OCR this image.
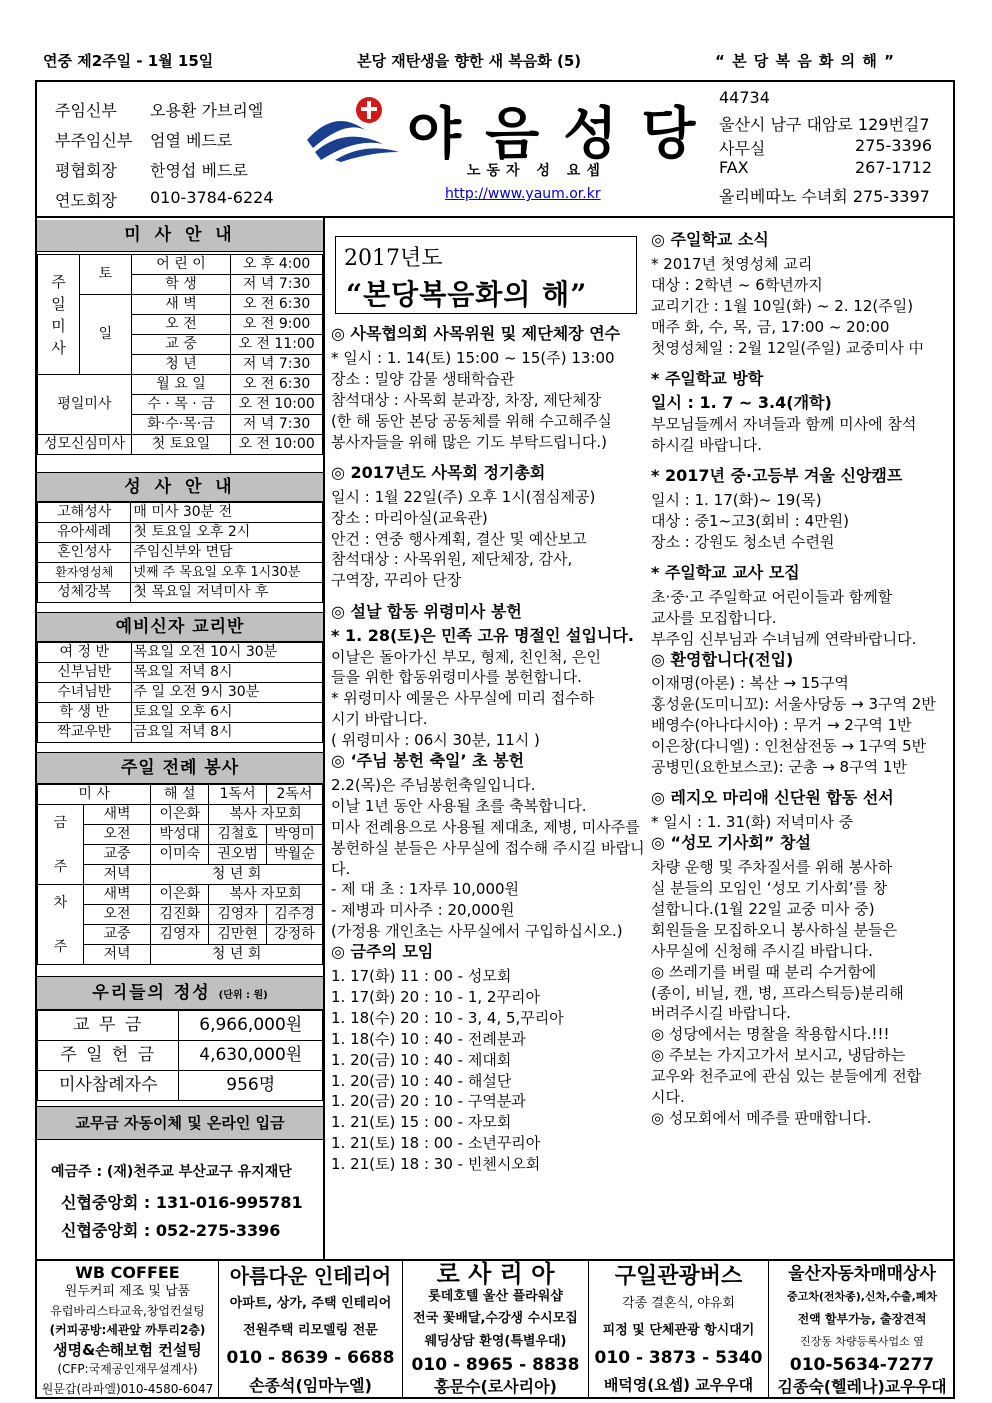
연중 제2주일 - 1월 15일	본당 재탄생을 향한 새 복음화 (5)	“ 본 당 복 음 화 의 해 ”
주임신부 오용환 가브리엘
부주임신부 엄열 베드로
평협회장 한영섭 베드로
연도회장 010-3784-6224
야음성당
노동자 성 요셉
http://www.yaum.or.kr
44734
울산시 남구 대암로 129번길7
사무실	275-3396
FAX	267-1712
올리베따노 수녀회 275-3397
미 사 안 내
주
일
미
사	토	어 린 이	오 후 4:00
		학 생	저 녁 7:30
	일	새 벽	오 전 6:30
		오 전	오 전 9:00
		교 중	오 전 11:00
		청 년	저 녁 7:30
평일미사		월 요 일	오 전 6:30
		수 · 목 · 금	오 전 10:00
		화·수·목·금	저 녁 7:30
성모신심미사		첫 토요일	오 전 10:00
성 사 안 내
고해성사	매 미사 30분 전
유아세례	첫 토요일 오후 2시
혼인성사	주임신부와 면담
환자영성체	넷째 주 목요일 오후 1시30분
성체강복	첫 목요일 저녁미사 후
예비신자 교리반
여 정 반	목요일 오전 10시 30분
신부님반	목요일 저녁 8시
수녀님반	주 일 오전 9시 30분
학 생 반	토요일 오후 6시
짝교우반	금요일 저녁 8시
주일 전례 봉사
미 사		해 설	1독서	2독서
금

주	새벽	이은화	복사 자모회	
	오전	박성대	김철호	박영미
	교중	이미숙	권오범	박월순
	저녁	청 년 회		
차

주	새벽	이은화	복사 자모회	
	오전	김진화	김영자	김주경
	교중	김영자	김만현	강정하
	저녁	청 년 회		
우리들의 정성 (단위 : 원)
교 무 금	6,966,000원
주 일 헌 금	4,630,000원
미사참례자수	956명
교무금 자동이체 및 온라인 입금
예금주 : (재)천주교 부산교구 유지재단
신협중앙회 : 131-016-995781
신협중앙회 : 052-275-3396
2017년도
“본당복음화의 해”
◎ 사목협의회 사목위원 및 제단체장 연수
* 일시 : 1. 14(토) 15:00 ~ 15(주) 13:00
장소 : 밀양 감물 생태학습관
참석대상 : 사목회 분과장, 차장, 제단체장
(한 해 동안 본당 공동체를 위해 수고해주실
봉사자들을 위해 많은 기도 부탁드립니다.)
◎ 2017년도 사목회 정기총회
일시 : 1월 22일(주) 오후 1시(점심제공)
장소 : 마리아실(교육관)
안건 : 연중 행사계획, 결산 및 예산보고
참석대상 : 사목위원, 제단체장, 감사,
구역장, 꾸리아 단장
◎ 설날 합동 위령미사 봉헌
* 1. 28(토)은 민족 고유 명절인 설입니다.
이날은 돌아가신 부모, 형제, 친인척, 은인
들을 위한 합동위령미사를 봉헌합니다.
* 위령미사 예물은 사무실에 미리 접수하
시기 바랍니다.
( 위령미사 : 06시 30분, 11시 )
◎ ‘주님 봉헌 축일’ 초 봉헌
2.2(목)은 주님봉헌축일입니다.
이날 1년 동안 사용될 초를 축복합니다.
미사 전례용으로 사용될 제대초, 제병, 미사주를
봉헌하실 분들은 사무실에 접수해 주시길 바랍니
다.
- 제 대 초 : 1자루 10,000원
- 제병과 미사주 : 20,000원
(가정용 개인초는 사무실에서 구입하십시오.)
◎ 금주의 모임
1. 17(화) 11 : 00 - 성모회
1. 17(화) 20 : 10 - 1, 2꾸리아
1. 18(수) 20 : 10 - 3, 4, 5,꾸리아
1. 18(수) 10 : 40 - 전례분과
1. 20(금) 10 : 40 - 제대회
1. 20(금) 10 : 40 - 해설단
1. 20(금) 20 : 10 - 구역분과
1. 21(토) 15 : 00 - 자모회
1. 21(토) 18 : 00 - 소년꾸리아
1. 21(토) 18 : 30 - 빈첸시오회
◎ 주일학교 소식
* 2017년 첫영성체 교리
대상 : 2학년 ~ 6학년까지
교리기간 : 1월 10일(화) ~ 2. 12(주일)
매주 화, 수, 목, 금, 17:00 ~ 20:00
첫영성체일 : 2월 12일(주일) 교중미사 中
* 주일학교 방학
일시 : 1. 7 ~ 3.4(개학)
부모님들께서 자녀들과 함께 미사에 참석
하시길 바랍니다.
* 2017년 중·고등부 겨울 신앙캠프
일시 : 1. 17(화)~ 19(목)
대상 : 중1~고3(회비 : 4만원)
장소 : 강원도 청소년 수련원
* 주일학교 교사 모집
초·중·고 주일학교 어린이들과 함께할
교사를 모집합니다.
부주임 신부님과 수녀님께 연락바랍니다.
◎ 환영합니다(전입)
이재명(아론) : 복산 → 15구역
홍성윤(도미니꼬): 서울사당동 → 3구역 2반
배영수(아나다시아) : 무거 → 2구역 1반
이은창(다니엘) : 인천삼전동 → 1구역 5반
공병민(요한보스코): 군총 → 8구역 1반
◎ 레지오 마리애 신단원 합동 선서
* 일시 : 1. 31(화) 저녁미사 중
◎ “성모 기사회” 창설
차량 운행 및 주차질서를 위해 봉사하
실 분들의 모임인 ‘성모 기사회’를 창
설합니다.(1월 22일 교중 미사 중)
회원들을 모집하오니 봉사하실 분들은
사무실에 신청해 주시길 바랍니다.
◎ 쓰레기를 버릴 때 분리 수거함에
(종이, 비닐, 캔, 병, 프라스틱등)분리해
버려주시길 바랍니다.
◎ 성당에서는 명찰을 착용합시다.!!!
◎ 주보는 가지고가서 보시고, 냉담하는
교우와 천주교에 관심 있는 분들에게 전합
시다.
◎ 성모회에서 메주를 판매합니다.
WB COFFEE
원두커피 제조 및 납품
유럽바리스타교육,창업컨설팅
(커피공방:세관앞 까투리2층)
생명&손해보험 컨설팅
(CFP:국제공인재무설계사)
원문갑(라파엘)010-4580-6047
아름다운 인테리어
아파트, 상가, 주택 인테리어
전원주택 리모델링 전문
010 - 8639 - 6688
손종석(임마누엘)
로 사 리 아
롯데호텔 울산 플라워샵
전국 꽃배달,수강생 수시모집
웨딩상담 환영(특별우대)
010 - 8965 - 8838
홍문수(로사리아)
구일관광버스
각종 결혼식, 야유회
피정 및 단체관광 항시대기
010 - 3873 - 5340
배덕영(요셉) 교우우대
울산자동차매매상사
중고차(전차종),신차,수출,폐차
전액 할부가능, 출장견적
진장동 차량등록사업소 옆
010-5634-7277
김종숙(헬레나)교우우대
